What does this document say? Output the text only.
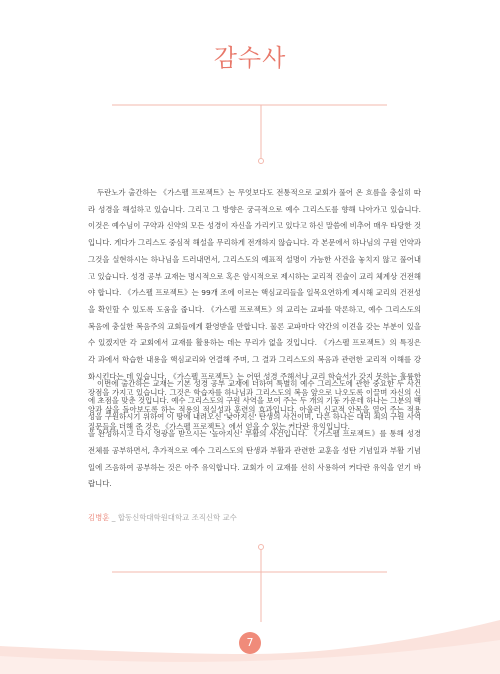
감수사

두란노가 출간하는 《가스펠 프로젝트》는 무엇보다도 전통적으로 교회가 풀어 온 흐름을 충실히 따라 성경을 해설하고 있습니다. 그리고 그 방향은 궁극적으로 예수 그리스도를 향해 나아가고 있습니다. 이것은 예수님이 구약과 신약의 모든 성경이 자신을 가리키고 있다고 하신 말씀에 비추어 매우 타당한 것입니다. 게다가 그리스도 중심적 해설을 무리하게 전개하지 않습니다. 각 본문에서 하나님의 구원 언약과 그것을 실현하시는 하나님을 드러내면서, 그리스도의 예표적 설명이 가능한 사건을 놓치지 않고 풀어내고 있습니다. 성경 공부 교재는 명시적으로 혹은 암시적으로 제시하는 교리적 진술이 교리 체계상 건전해야 합니다. 《가스펠 프로젝트》는 99개 조에 이르는 핵심교리들을 일목요연하게 제시해 교리의 건전성을 확인할 수 있도록 도움을 줍니다. 《가스펠 프로젝트》의 교리는 교파를 막론하고, 예수 그리스도의 복음에 충실한 복음주의 교회들에게 환영받을 만합니다. 물론 교파마다 약간의 이견을 갖는 부분이 있을 수 있겠지만 각 교회에서 교재를 활용하는 데는 무리가 없을 것입니다. 《가스펠 프로젝트》의 특징은 각 과에서 학습한 내용을 핵심교리와 연결해 주며, 그 결과 그리스도의 복음과 관련한 교리적 이해를 강화시킨다는 데 있습니다. 《가스펠 프로젝트》는 어떤 성경 주해서나 교리 학습서가 갖지 못하는 훌륭한 장점을 가지고 있습니다. 그것은 학습자를 하나님과 그리스도의 복음 앞으로 나오도록 이끌며 자신의 신앙과 삶을 돌아보도록 하는 적용의 적실성과 훈련의 효과입니다. 아울러 신교적 안목을 열어 주는 적용 질문들을 더해 준 것은 《가스펠 프로젝트》에서 얻을 수 있는 커다란 유익입니다.

이번에 출간하는 교재는 기본 성경 공부 교재에 더하여 특별히 예수 그리스도에 관한 중요한 두 사건에 초점을 맞춘 것입니다. 예수 그리스도의 구원 사역을 보여 주는 두 개의 기둥 가운데 하나는 그분의 백성을 구원하시기 위하여 이 땅에 내려오신 '낮아지신' 탄생의 사건이며, 다른 하나는 대리 죄의 구원 사역을 완성하시고 다시 영광을 받으시는 '높아지신' 부활의 사건입니다. 《가스펠 프로젝트》를 통해 성경 전체를 공부하면서, 추가적으로 예수 그리스도의 탄생과 부활과 관련한 교훈을 성탄 기념일과 부활 기념일에 즈음하여 공부하는 것은 아주 유익합니다. 교회가 이 교재를 선히 사용하여 커다란 유익을 얻기 바랍니다.

김병훈 _ 합동신학대학원대학교 조직신학 교수
7
